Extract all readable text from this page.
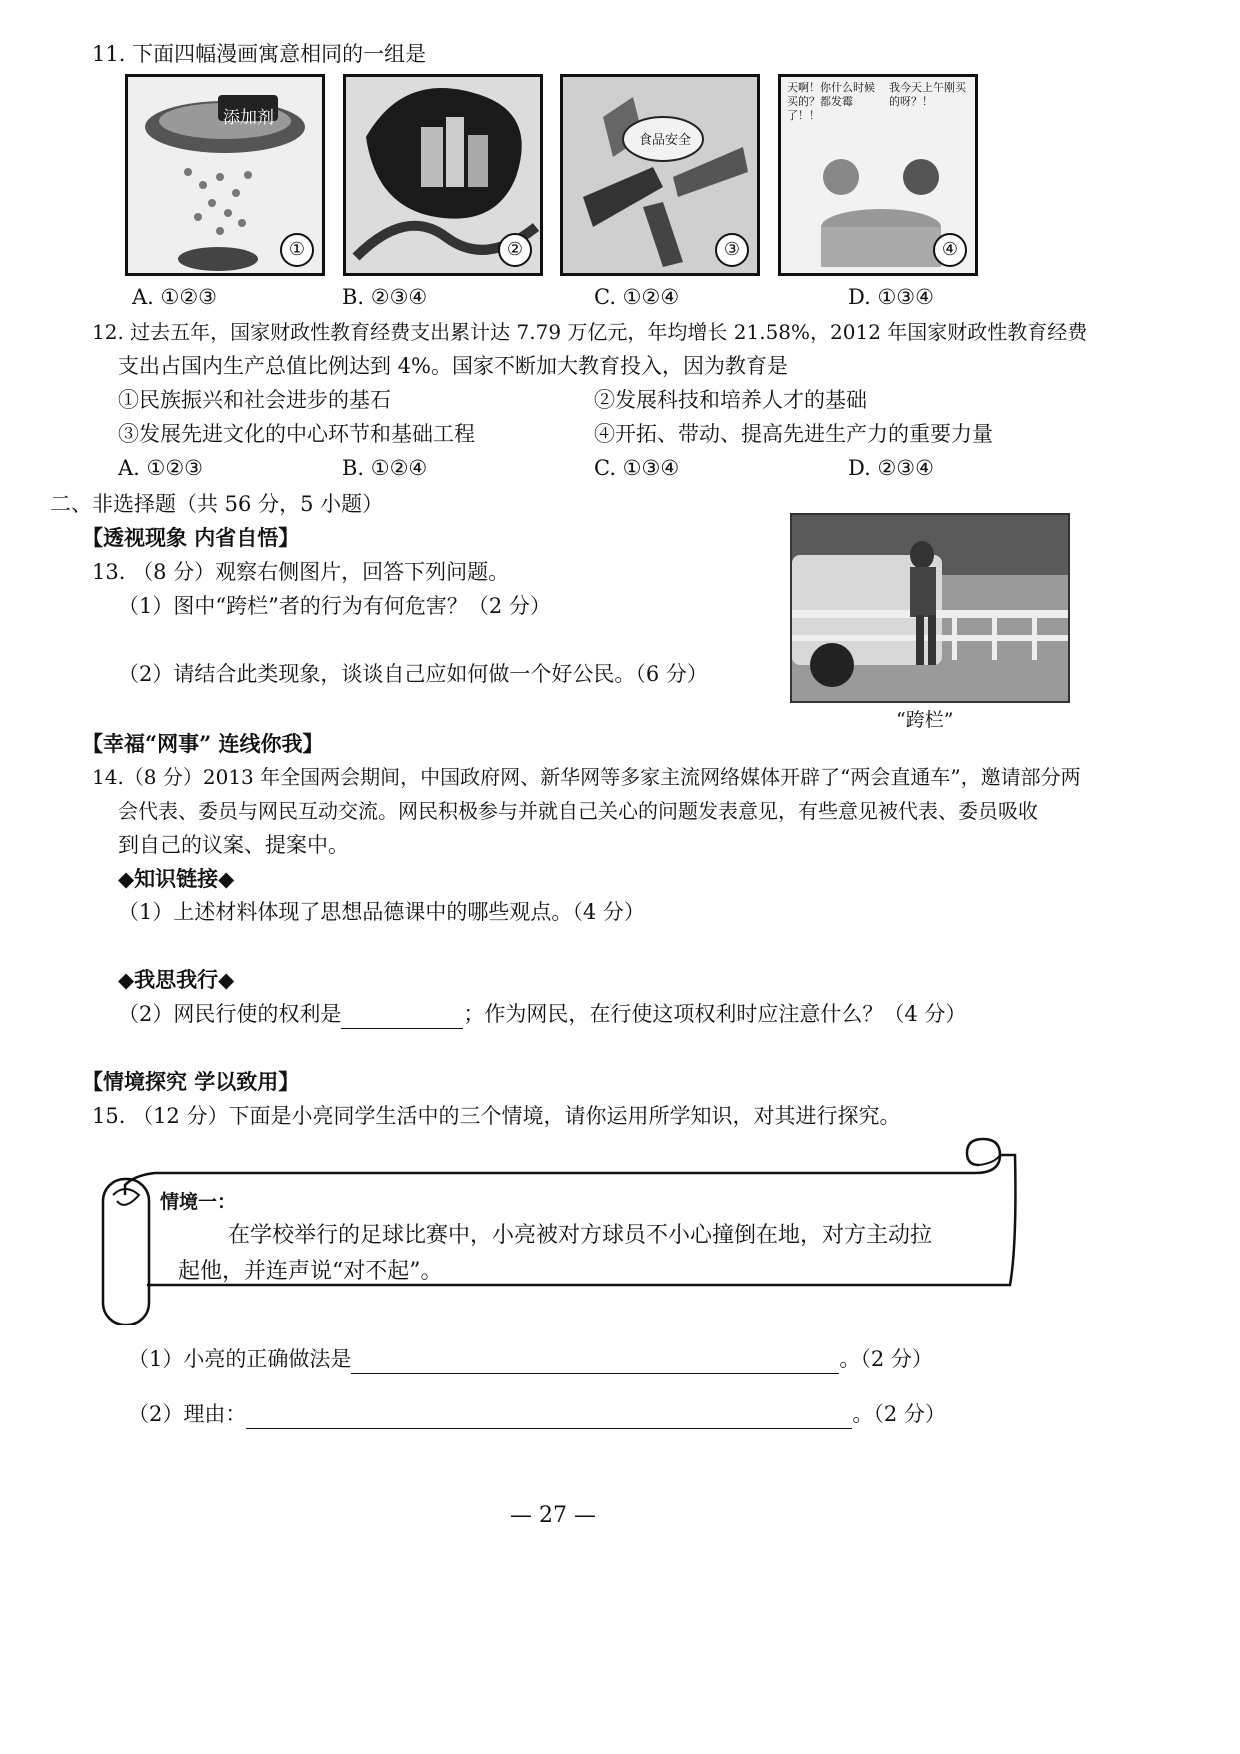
11. 下面四幅漫画寓意相同的一组是
添加剂
①	②
食品安全
③
天啊！你什么时候买的？都发霉了！！
我今天上午刚买的呀？！
④
A. ①②③	B. ②③④	C. ①②④	D. ①③④
12. 过去五年，国家财政性教育经费支出累计达 7.79 万亿元，年均增长 21.58%，2012 年国家财政性教育经费
支出占国内生产总值比例达到 4%。国家不断加大教育投入，因为教育是
①民族振兴和社会进步的基石	②发展科技和培养人才的基础
③发展先进文化的中心环节和基础工程	④开拓、带动、提高先进生产力的重要力量
A. ①②③	B. ①②④	C. ①③④	D. ②③④
二、非选择题（共 56 分，5 小题）
【透视现象 内省自悟】
13. （8 分）观察右侧图片，回答下列问题。
（1）图中“跨栏”者的行为有何危害？（2 分）
（2）请结合此类现象，谈谈自己应如何做一个好公民。（6 分）
“跨栏”
【幸福“网事” 连线你我】
14.（8 分）2013 年全国两会期间，中国政府网、新华网等多家主流网络媒体开辟了“两会直通车”，邀请部分两
会代表、委员与网民互动交流。网民积极参与并就自己关心的问题发表意见，有些意见被代表、委员吸收
到自己的议案、提案中。
◆知识链接◆
（1）上述材料体现了思想品德课中的哪些观点。（4 分）
◆我思我行◆
（2）网民行使的权利是	；作为网民，在行使这项权利时应注意什么？（4 分）
【情境探究 学以致用】
15. （12 分）下面是小亮同学生活中的三个情境，请你运用所学知识，对其进行探究。
情境一：
在学校举行的足球比赛中，小亮被对方球员不小心撞倒在地，对方主动拉
起他，并连声说“对不起”。
（1）小亮的正确做法是	。（2 分）
（2）理由：	。（2 分）
— 27 —
